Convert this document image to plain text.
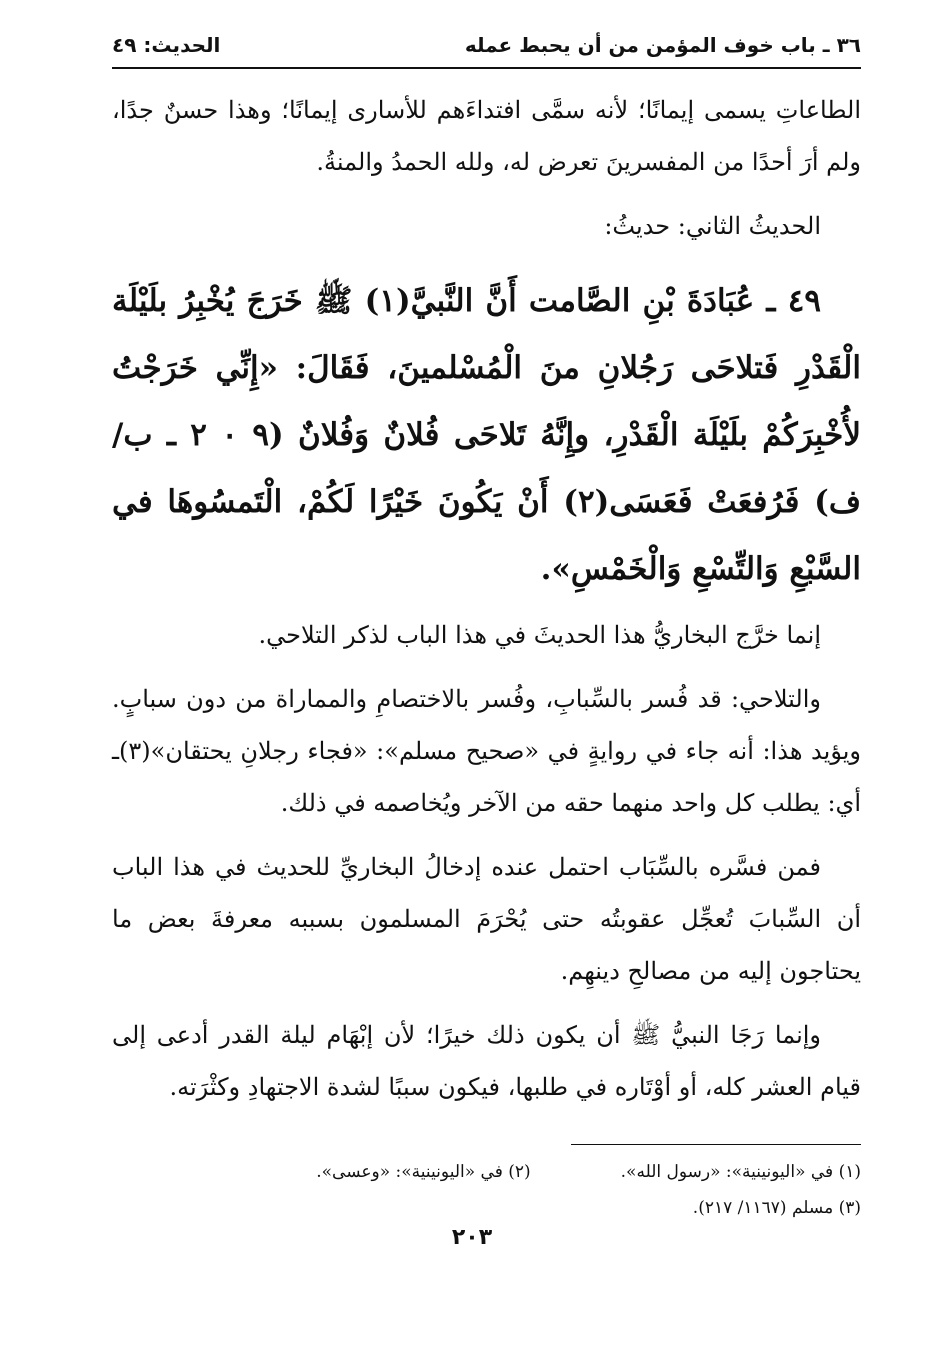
٣٦ ـ باب خوف المؤمن من أن يحبط عمله
الحديث: ٤٩

الطاعاتِ يسمى إيمانًا؛ لأنه سمَّى افتداءَهم للأسارى إيمانًا؛ وهذا حسنٌ جدًا، ولم أرَ أحدًا من المفسرينَ تعرض له، ولله الحمدُ والمنةُ.

الحديثُ الثاني: حديثُ:

٤٩ ـ عُبَادَةَ بْنِ الصَّامت أَنَّ النَّبيَّ(١) ﷺ خَرَجَ يُخْبِرُ بلَيْلَة الْقَدْرِ فَتلاحَى رَجُلانِ منَ الْمُسْلمينَ، فَقَالَ: «إِنِّي خَرَجْتُ لأُخْبِرَكُمْ بلَيْلَة الْقَدْرِ، وإِنَّهُ تَلاحَى فُلانٌ وَفُلانٌ (٩ ٠ ٢ ـ ب/ ف) فَرُفعَتْ فَعَسَى(٢) أَنْ يَكُونَ خَيْرًا لَكُمْ، الْتَمسُوهَا في السَّبْعِ وَالتِّسْعِ وَالْخَمْسِ».

إنما خرَّج البخاريُّ هذا الحديثَ في هذا الباب لذكر التلاحي.

والتلاحي: قد فُسر بالسِّبابِ، وفُسر بالاختصامِ والمماراة من دون سبابٍ. ويؤيد هذا: أنه جاء في روايةٍ في «صحيح مسلم»: «فجاء رجلانِ يحتقان»(٣)ـ أي: يطلب كل واحد منهما حقه من الآخر ويُخاصمه في ذلك.

فمن فسَّره بالسِّبَاب احتمل عنده إدخالُ البخاريِّ للحديث في هذا الباب أن السِّبابَ تُعجِّل عقوبتُه حتى يُحْرَمَ المسلمون بسببه معرفةَ بعض ما يحتاجون إليه من مصالحِ دينهِم.

وإنما رَجَا النبيُّ ﷺ أن يكون ذلك خيرًا؛ لأن إبْهَام ليلة القدر أدعى إلى قيام العشر كله، أو أوْتَاره في طلبها، فيكون سببًا لشدة الاجتهادِ وكثْرَته.

(١) في «اليونينية»: «رسول الله».
(٢) في «اليونينية»: «وعسى».
(٣) مسلم (١١٦٧/ ٢١٧).
٢٠٣
